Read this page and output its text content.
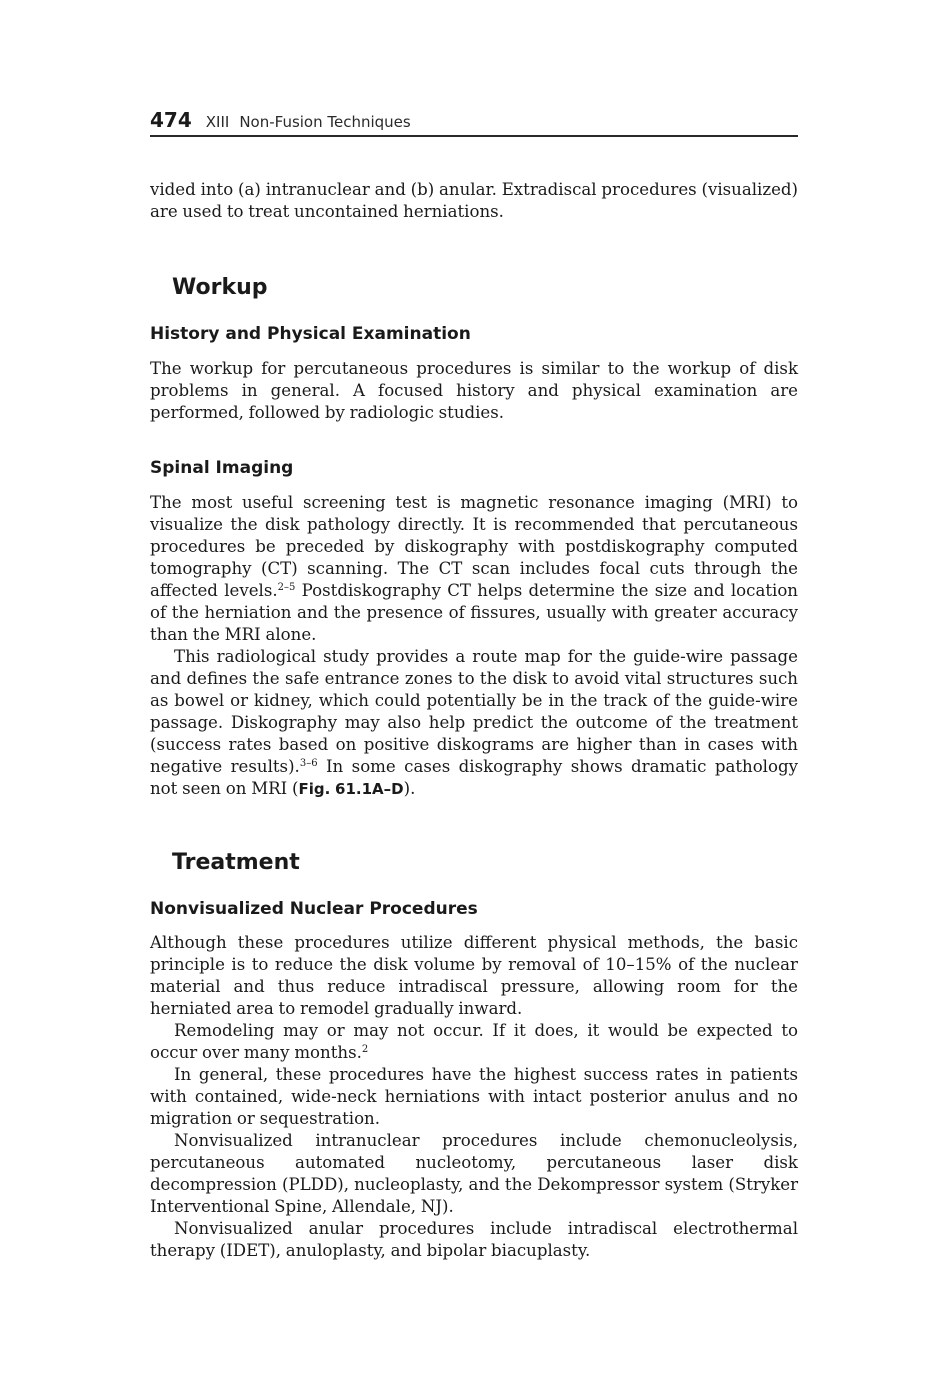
474 XIII Non-Fusion Techniques

vided into (a) intranuclear and (b) anular. Extradiscal procedures (visualized) are used to treat uncontained herniations.

Workup
History and Physical Examination

The workup for percutaneous procedures is similar to the workup of disk problems in general. A focused history and physical examination are performed, followed by radiologic studies.

Spinal Imaging

The most useful screening test is magnetic resonance imaging (MRI) to visualize the disk pathology directly. It is recommended that percutaneous procedures be preceded by diskography with postdiskography computed tomography (CT) scanning. The CT scan includes focal cuts through the affected levels.$^{2-5}$ Postdiskography CT helps determine the size and location of the herniation and the presence of fissures, usually with greater accuracy than the MRI alone.

This radiological study provides a route map for the guide-wire passage and defines the safe entrance zones to the disk to avoid vital structures such as bowel or kidney, which could potentially be in the track of the guide-wire passage. Diskography may also help predict the outcome of the treatment (success rates based on positive diskograms are higher than in cases with negative results).$^{3-6}$ In some cases diskography shows dramatic pathology not seen on MRI (Fig. 61.1A–D).

Treatment
Nonvisualized Nuclear Procedures

Although these procedures utilize different physical methods, the basic principle is to reduce the disk volume by removal of 10–15% of the nuclear material and thus reduce intradiscal pressure, allowing room for the herniated area to remodel gradually inward.

Remodeling may or may not occur. If it does, it would be expected to occur over many months.$^2$

In general, these procedures have the highest success rates in patients with contained, wide-neck herniations with intact posterior anulus and no migration or sequestration.

Nonvisualized intranuclear procedures include chemonucleolysis, percutaneous automated nucleotomy, percutaneous laser disk decompression (PLDD), nucleoplasty, and the Dekompressor system (Stryker Interventional Spine, Allendale, NJ).

Nonvisualized anular procedures include intradiscal electrothermal therapy (IDET), anuloplasty, and bipolar biacuplasty.
